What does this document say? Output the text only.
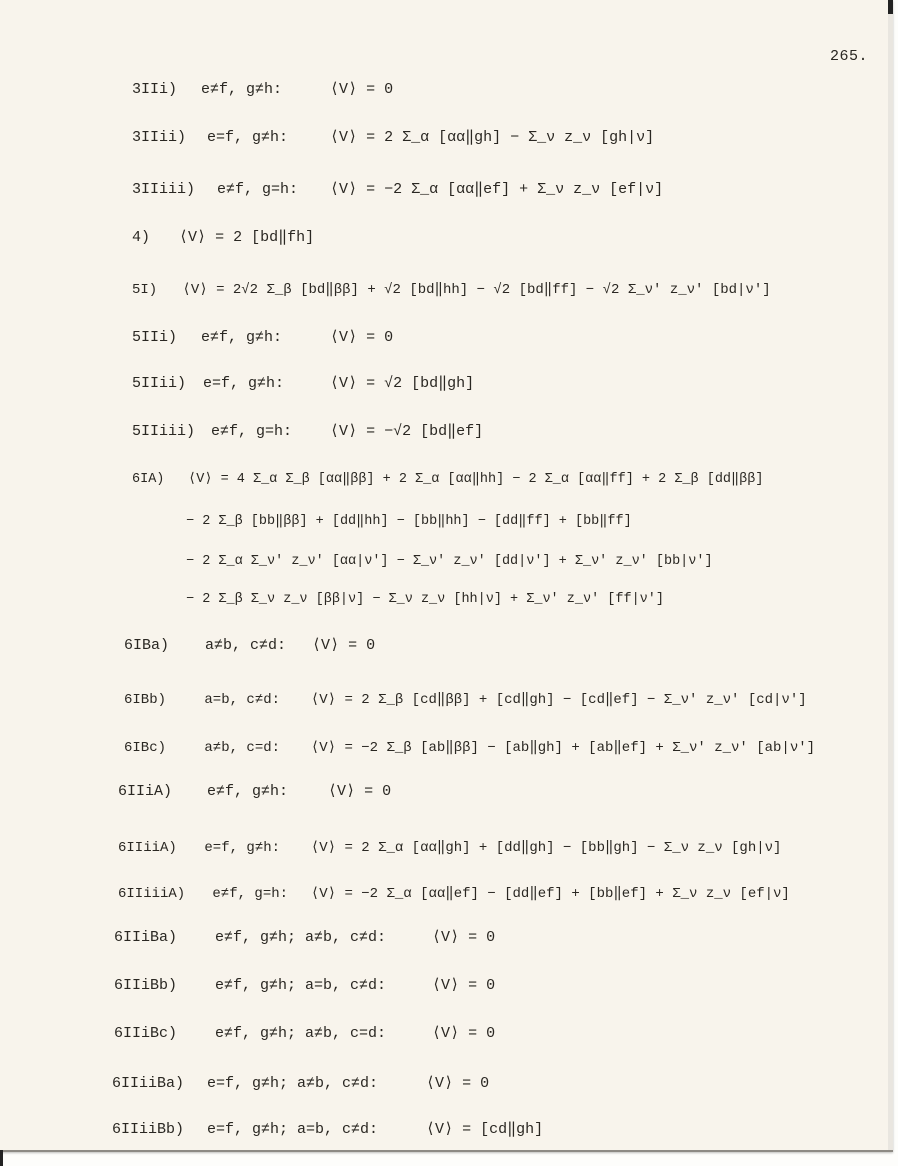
265.
3IIi) e≠f, g≠h:	⟨V⟩ = 0
3IIii) e=f, g≠h:	⟨V⟩ = 2 Σ_α [αα‖gh] − Σ_ν z_ν [gh|ν]
3IIiii) e≠f, g=h: ⟨V⟩ = −2 Σ_α [αα‖ef] + Σ_ν z_ν [ef|ν]
4) ⟨V⟩ = 2 [bd‖fh]
5I) ⟨V⟩ = 2√2 Σ_β [bd‖ββ] + √2 [bd‖hh] − √2 [bd‖ff] − √2 Σ_ν′ z_ν′ [bd|ν′]
5IIi) e≠f, g≠h:	⟨V⟩ = 0
5IIii) e=f, g≠h:	⟨V⟩ = √2 [bd‖gh]
5IIiii) e≠f, g=h:	⟨V⟩ = −√2 [bd‖ef]
6IA) ⟨V⟩ = 4 Σ_α Σ_β [αα‖ββ] + 2 Σ_α [αα‖hh] − 2 Σ_α [αα‖ff] + 2 Σ_β [dd‖ββ]
− 2 Σ_β [bb‖ββ] + [dd‖hh] − [bb‖hh] − [dd‖ff] + [bb‖ff]
− 2 Σ_α Σ_ν′ z_ν′ [αα|ν′] − Σ_ν′ z_ν′ [dd|ν′] + Σ_ν′ z_ν′ [bb|ν′]
− 2 Σ_β Σ_ν z_ν [ββ|ν] − Σ_ν z_ν [hh|ν] + Σ_ν′ z_ν′ [ff|ν′]
6IBa) a≠b, c≠d: ⟨V⟩ = 0
6IBb)	a=b, c≠d: ⟨V⟩ = 2 Σ_β [cd‖ββ] + [cd‖gh] − [cd‖ef] − Σ_ν′ z_ν′ [cd|ν′]
6IBc)	a≠b, c=d: ⟨V⟩ = −2 Σ_β [ab‖ββ] − [ab‖gh] + [ab‖ef] + Σ_ν′ z_ν′ [ab|ν′]
6IIiA) e≠f, g≠h:	⟨V⟩ = 0
6IIiiA) e=f, g≠h: ⟨V⟩ = 2 Σ_α [αα‖gh] + [dd‖gh] − [bb‖gh] − Σ_ν z_ν [gh|ν]
6IIiiiA) e≠f, g=h: ⟨V⟩ = −2 Σ_α [αα‖ef] − [dd‖ef] + [bb‖ef] + Σ_ν z_ν [ef|ν]
6IIiBa)	e≠f, g≠h; a≠b, c≠d:	⟨V⟩ = 0
6IIiBb)	e≠f, g≠h; a=b, c≠d:	⟨V⟩ = 0
6IIiBc)	e≠f, g≠h; a≠b, c=d:	⟨V⟩ = 0
6IIiiBa) e=f, g≠h; a≠b, c≠d:	⟨V⟩ = 0
6IIiiBb) e=f, g≠h; a=b, c≠d:	⟨V⟩ = [cd‖gh]
